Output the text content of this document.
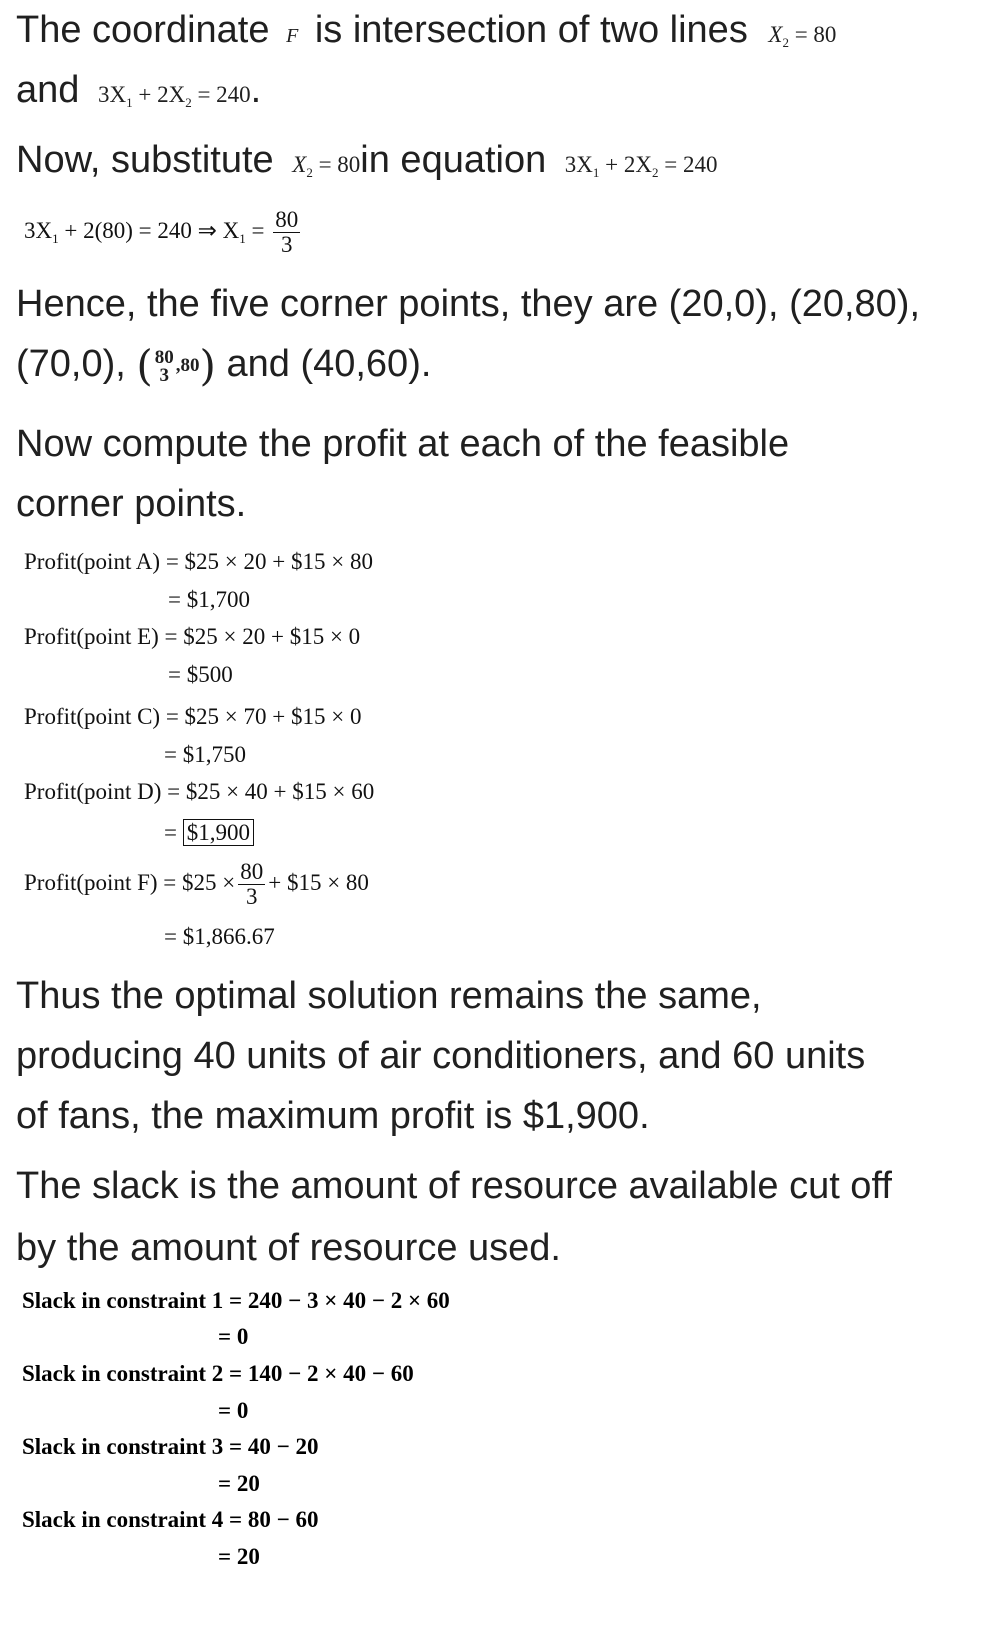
The coordinate F is intersection of two lines $X_2 = 80$
and $3X_1 + 2X_2 = 240$.
Now, substitute $X_2 = 80in$ equation $3X_1 + 2X_2 = 240$
$3X_1 + 2(80) = 240$ ⇒ $X_1 = \frac{80}{3}$
Hence, the five corner points, they are (20,0), (20,80),
(70,0), ( 80
3 ,80) and (40,60).
Now compute the profit at each of the feasible
corner points.
Profit(point A) = $25 × 20 + $15 × 80
= $1,700
Profit(point E) = $25 × 20 + $15 × 0
= $500
Profit(point C) = $25 × 70 + $15 × 0
= $1,750
Profit(point D) = $25 × 40 + $15 × 60
= $1,900
Profit(point F) = $25 × $\frac{80}{3}$ + $15 × 80
= $1,866.67
Thus the optimal solution remains the same,
producing 40 units of air conditioners, and 60 units
of fans, the maximum profit is $1,900.
The slack is the amount of resource available cut off
by the amount of resource used.
Slack in constraint 1 = 240 − 3 × 40 − 2 × 60
= 0
Slack in constraint 2 = 140 − 2 × 40 − 60
= 0
Slack in constraint 3 = 40 − 20
= 20
Slack in constraint 4 = 80 − 60
= 20
